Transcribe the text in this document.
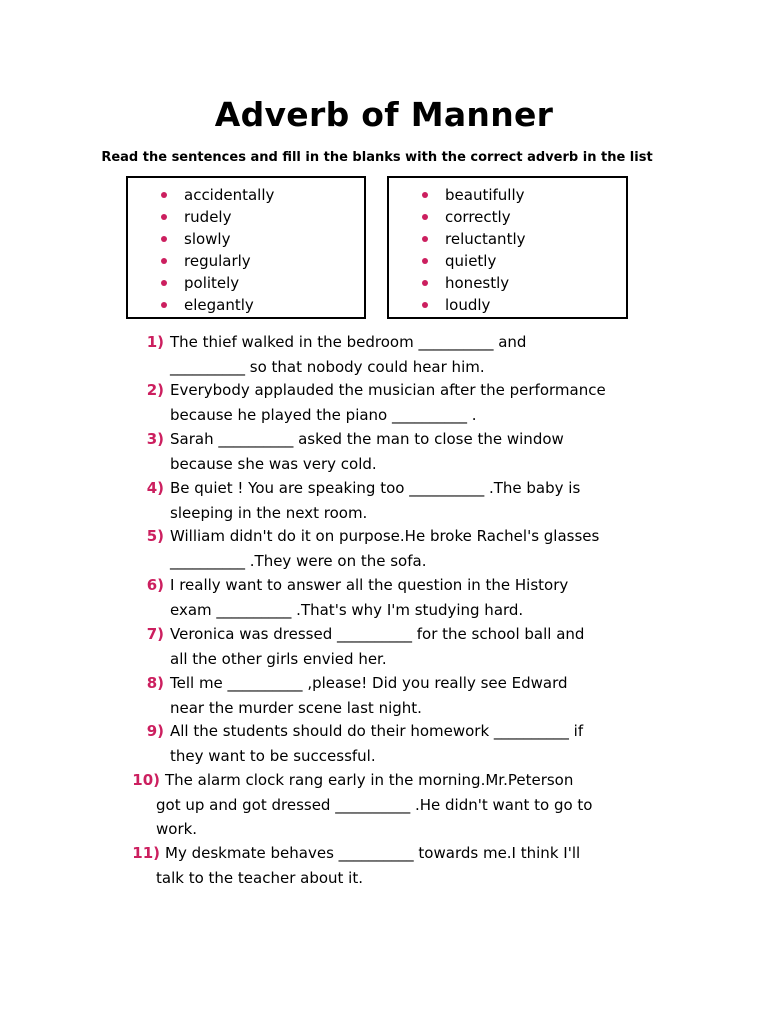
Adverb of Manner
Read the sentences and fill in the blanks with the correct adverb in the list
accidentally
rudely
slowly
regularly
politely
elegantly
beautifully
correctly
reluctantly
quietly
honestly
loudly
1) The thief walked in the bedroom __________ and
__________ so that nobody could hear him.
2) Everybody applauded the musician after the performance
because he played the piano __________ .
3) Sarah __________ asked the man to close the window
because she was very cold.
4) Be quiet ! You are speaking too __________ .The baby is
sleeping in the next room.
5) William didn't do it on purpose.He broke Rachel's glasses
__________ .They were on the sofa.
6) I really want to answer all the question in the History
exam __________ .That's why I'm studying hard.
7) Veronica was dressed __________ for the school ball and
all the other girls envied her.
8) Tell me __________ ,please! Did you really see Edward
near the murder scene last night.
9) All the students should do their homework __________ if
they want to be successful.
10) The alarm clock rang early in the morning.Mr.Peterson
got up and got dressed __________ .He didn't want to go to
work.
11) My deskmate behaves __________ towards me.I think I'll
talk to the teacher about it.
